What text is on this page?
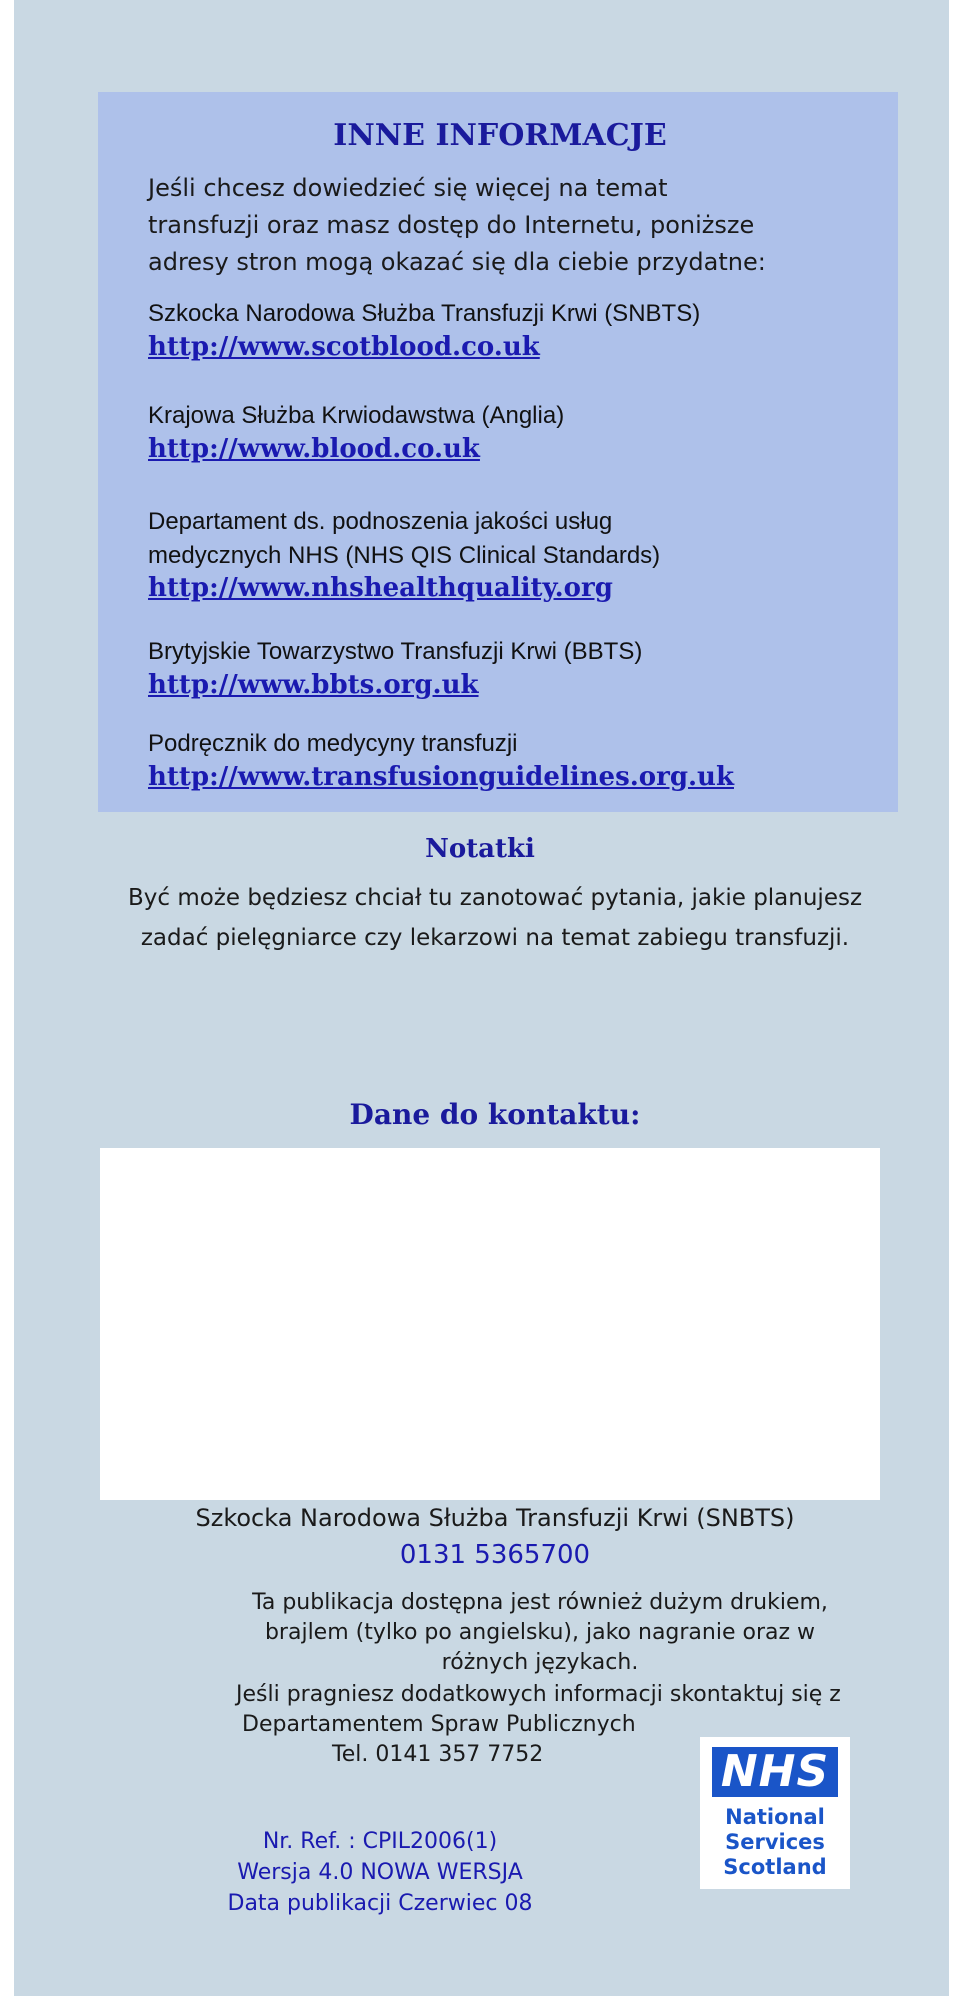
INNE INFORMACJE
Jeśli chcesz dowiedzieć się więcej na temat
transfuzji oraz masz dostęp do Internetu, poniższe
adresy stron mogą okazać się dla ciebie przydatne:
Szkocka Narodowa Służba Transfuzji Krwi (SNBTS)
http://www.scotblood.co.uk
Krajowa Służba Krwiodawstwa (Anglia)
http://www.blood.co.uk
Departament ds. podnoszenia jakości usług
medycznych NHS (NHS QIS Clinical Standards)
http://www.nhshealthquality.org
Brytyjskie Towarzystwo Transfuzji Krwi (BBTS)
http://www.bbts.org.uk
Podręcznik do medycyny transfuzji
http://www.transfusionguidelines.org.uk
Notatki
Być może będziesz chciał tu zanotować pytania, jakie planujesz
zadać pielęgniarce czy lekarzowi na temat zabiegu transfuzji.
Dane do kontaktu:
Szkocka Narodowa Służba Transfuzji Krwi (SNBTS)
0131 5365700
Ta publikacja dostępna jest również dużym drukiem,
brajlem (tylko po angielsku), jako nagranie oraz w
różnych językach.
Jeśli pragniesz dodatkowych informacji skontaktuj się z
Departamentem Spraw Publicznych
Tel. 0141 357 7752
Nr. Ref. : CPIL2006(1)
Wersja 4.0 NOWA WERSJA
Data publikacji Czerwiec 08
NHS
National
Services
Scotland
